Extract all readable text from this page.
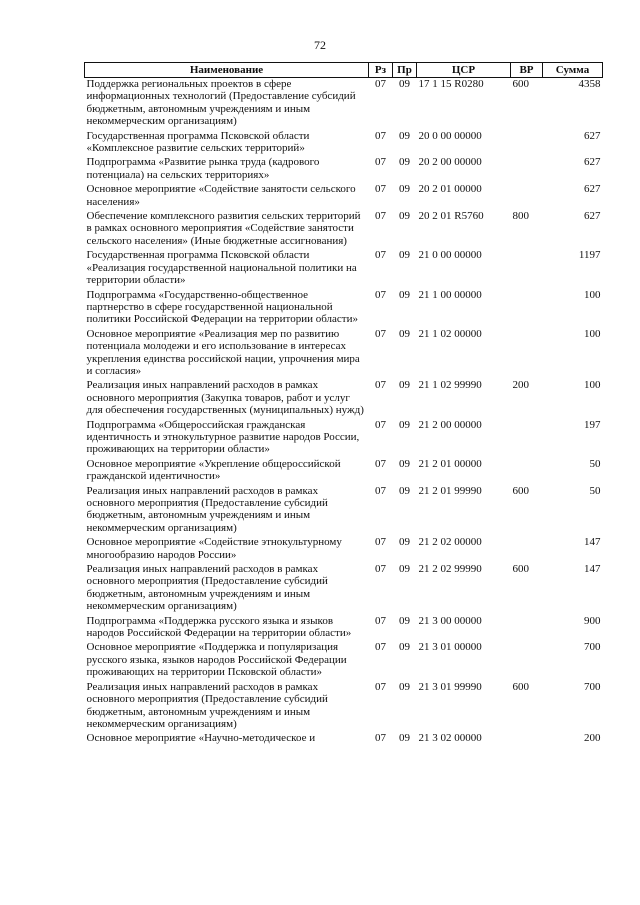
72
Наименование	Рз	Пр	ЦСР	ВР	Сумма
Поддержка региональных проектов в сфере информационных технологий (Предоставление субсидий бюджетным, автономным учреждениям и иным некоммерческим организациям)	07	09	17 1 15 R0280	600	4358
Государственная программа Псковской области «Комплексное развитие сельских территорий»	07	09	20 0 00 00000		627
Подпрограмма «Развитие рынка труда (кадрового потенциала) на сельских территориях»	07	09	20 2 00 00000		627
Основное мероприятие «Содействие занятости сельского населения»	07	09	20 2 01 00000		627
Обеспечение комплексного развития сельских территорий в рамках основного мероприятия «Содействие занятости сельского населения» (Иные бюджетные ассигнования)	07	09	20 2 01 R5760	800	627
Государственная программа Псковской области «Реализация государственной национальной политики на территории области»	07	09	21 0 00 00000		1197
Подпрограмма «Государственно-общественное партнерство в сфере государственной национальной политики Российской Федерации на территории области»	07	09	21 1 00 00000		100
Основное мероприятие «Реализация мер по развитию потенциала молодежи и его использование в интересах укрепления единства российской нации, упрочнения мира и согласия»	07	09	21 1 02 00000		100
Реализация иных направлений расходов в рамках основного мероприятия (Закупка товаров, работ и услуг для обеспечения государственных (муниципальных) нужд)	07	09	21 1 02 99990	200	100
Подпрограмма «Общероссийская гражданская идентичность и этнокультурное развитие народов России, проживающих на территории области»	07	09	21 2 00 00000		197
Основное мероприятие «Укрепление общероссийской гражданской идентичности»	07	09	21 2 01 00000		50
Реализация иных направлений расходов в рамках основного мероприятия (Предоставление субсидий бюджетным, автономным учреждениям и иным некоммерческим организациям)	07	09	21 2 01 99990	600	50
Основное мероприятие «Содействие этнокультурному многообразию народов России»	07	09	21 2 02 00000		147
Реализация иных направлений расходов в рамках основного мероприятия (Предоставление субсидий бюджетным, автономным учреждениям и иным некоммерческим организациям)	07	09	21 2 02 99990	600	147
Подпрограмма «Поддержка русского языка и языков народов Российской Федерации на территории области»	07	09	21 3 00 00000		900
Основное мероприятие «Поддержка и популяризация русского языка, языков народов Российской Федерации проживающих на территории Псковской области»	07	09	21 3 01 00000		700
Реализация иных направлений расходов в рамках основного мероприятия (Предоставление субсидий бюджетным, автономным учреждениям и иным некоммерческим организациям)	07	09	21 3 01 99990	600	700
Основное мероприятие «Научно-методическое и	07	09	21 3 02 00000		200
